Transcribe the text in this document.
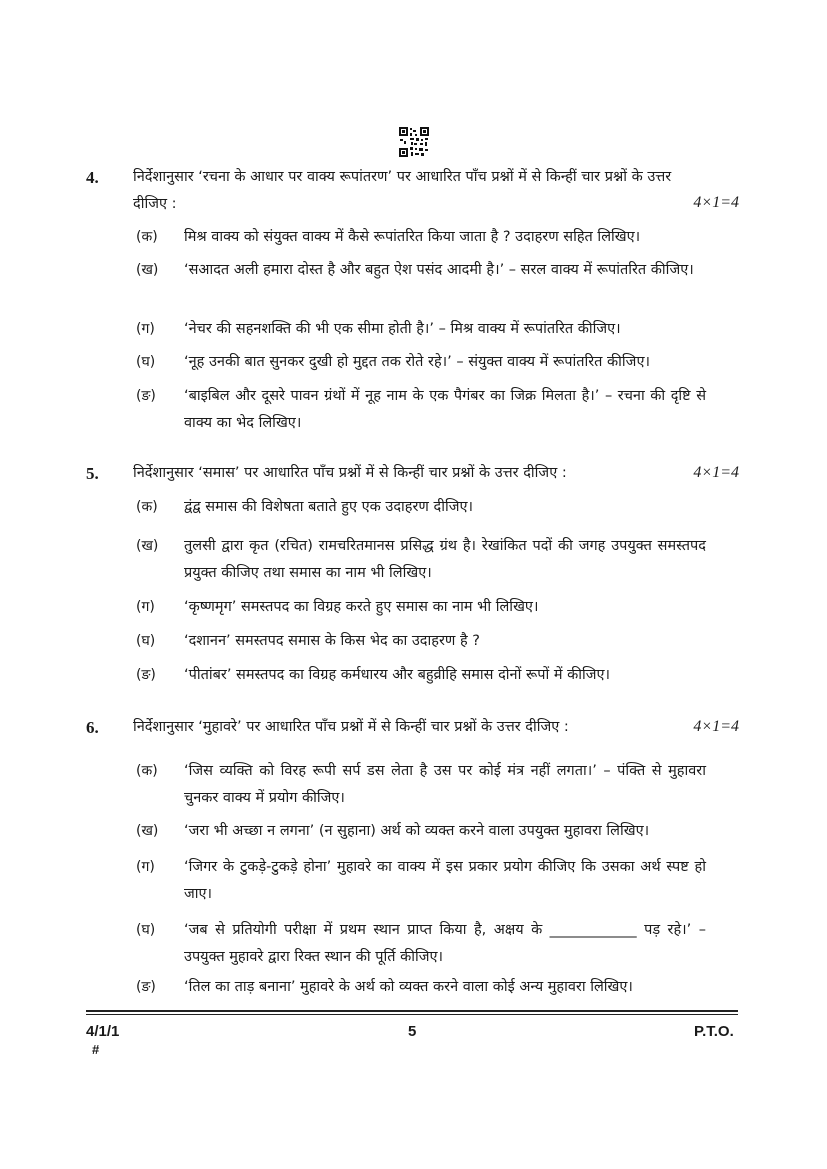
4. निर्देशानुसार ‘रचना के आधार पर वाक्य रूपांतरण’ पर आधारित पाँच प्रश्नों में से किन्हीं चार प्रश्नों के उत्तर दीजिए :	4×1=4
(क) मिश्र वाक्य को संयुक्त वाक्य में कैसे रूपांतरित किया जाता है ? उदाहरण सहित लिखिए।
(ख) ‘सआदत अली हमारा दोस्त है और बहुत ऐश पसंद आदमी है।’ – सरल वाक्य में रूपांतरित कीजिए।
(ग) ‘नेचर की सहनशक्ति की भी एक सीमा होती है।’ – मिश्र वाक्य में रूपांतरित कीजिए।
(घ) ‘नूह उनकी बात सुनकर दुखी हो मुद्दत तक रोते रहे।’ – संयुक्त वाक्य में रूपांतरित कीजिए।
(ङ) ‘बाइबिल और दूसरे पावन ग्रंथों में नूह नाम के एक पैगंबर का जिक्र मिलता है।’ – रचना की दृष्टि से वाक्य का भेद लिखिए।
5. निर्देशानुसार ‘समास’ पर आधारित पाँच प्रश्नों में से किन्हीं चार प्रश्नों के उत्तर दीजिए :	4×1=4
(क) द्वंद्व समास की विशेषता बताते हुए एक उदाहरण दीजिए।
(ख) तुलसी द्वारा कृत (रचित) रामचरितमानस प्रसिद्ध ग्रंथ है। रेखांकित पदों की जगह उपयुक्त समस्तपद प्रयुक्त कीजिए तथा समास का नाम भी लिखिए।
(ग) ‘कृष्णमृग’ समस्तपद का विग्रह करते हुए समास का नाम भी लिखिए।
(घ) ‘दशानन’ समस्तपद समास के किस भेद का उदाहरण है ?
(ङ) ‘पीतांबर’ समस्तपद का विग्रह कर्मधारय और बहुव्रीहि समास दोनों रूपों में कीजिए।
6. निर्देशानुसार ‘मुहावरे’ पर आधारित पाँच प्रश्नों में से किन्हीं चार प्रश्नों के उत्तर दीजिए :	4×1=4
(क) ‘जिस व्यक्ति को विरह रूपी सर्प डस लेता है उस पर कोई मंत्र नहीं लगता।’ – पंक्ति से मुहावरा चुनकर वाक्य में प्रयोग कीजिए।
(ख) ‘जरा भी अच्छा न लगना’ (न सुहाना) अर्थ को व्यक्त करने वाला उपयुक्त मुहावरा लिखिए।
(ग) ‘जिगर के टुकड़े-टुकड़े होना’ मुहावरे का वाक्य में इस प्रकार प्रयोग कीजिए कि उसका अर्थ स्पष्ट हो जाए।
(घ) ‘जब से प्रतियोगी परीक्षा में प्रथम स्थान प्राप्त किया है, अक्षय के ____________ पड़ रहे।’ – उपयुक्त मुहावरे द्वारा रिक्त स्थान की पूर्ति कीजिए।
(ङ) ‘तिल का ताड़ बनाना’ मुहावरे के अर्थ को व्यक्त करने वाला कोई अन्य मुहावरा लिखिए।
4/1/1
#
5	P.T.O.
